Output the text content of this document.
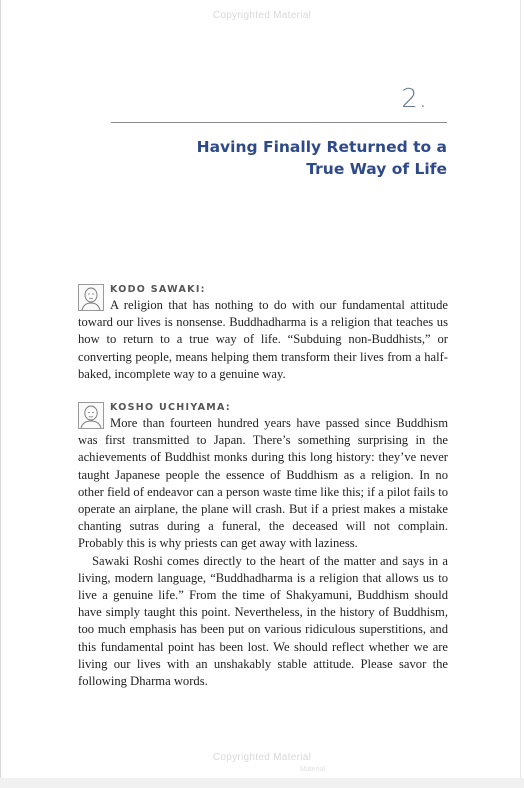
Copyrighted Material
2.
Having Finally Returned to a
True Way of Life
KODO SAWAKI:

A religion that has nothing to do with our fundamental attitude toward our lives is nonsense. Buddhadharma is a religion that teaches us how to return to a true way of life. “Subduing non-Buddhists,” or converting people, means helping them transform their lives from a half-baked, incomplete way to a genuine way.

KOSHO UCHIYAMA:

More than fourteen hundred years have passed since Buddhism was first transmitted to Japan. There’s something surprising in the achievements of Buddhist monks during this long history: they’ve never taught Japanese people the essence of Buddhism as a religion. In no other field of endeavor can a person waste time like this; if a pilot fails to operate an airplane, the plane will crash. But if a priest makes a mistake chanting sutras during a funeral, the deceased will not complain. Probably this is why priests can get away with laziness.

Sawaki Roshi comes directly to the heart of the matter and says in a living, modern language, “Buddhadharma is a religion that allows us to live a genuine life.” From the time of Shakyamuni, Buddhism should have simply taught this point. Nevertheless, in the history of Buddhism, too much emphasis has been put on various ridiculous superstitions, and this fundamental point has been lost. We should reflect whether we are living our lives with an unshakably stable attitude. Please savor the following Dharma words.

Copyrighted Material
Material
